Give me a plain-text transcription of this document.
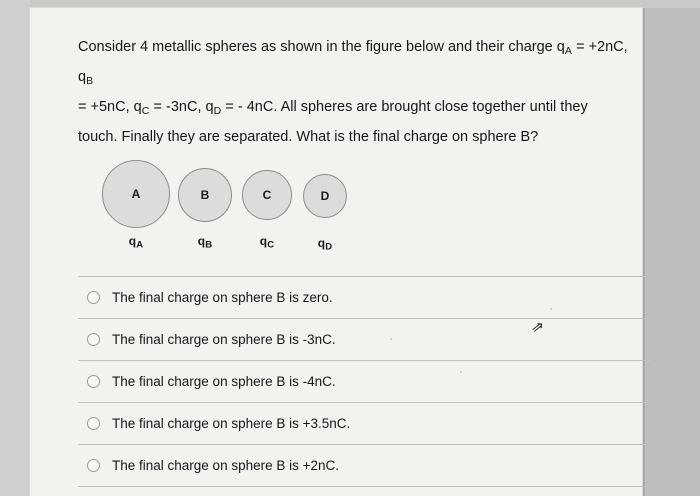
Consider 4 metallic spheres as shown in the figure below and their charge $q_A = +2nC$,
$q_B$
= +5nC, $q_C = -3nC$, $q_D$ = - 4nC. All spheres are brought close together until they
touch. Finally they are separated. What is the final charge on sphere B?
A
$q_A$
B
$q_B$
C
$q_C$
D
$q_D$
The final charge on sphere B is zero.
The final charge on sphere B is -3nC.
The final charge on sphere B is -4nC.
The final charge on sphere B is +3.5nC.
The final charge on sphere B is +2nC.
⇗
